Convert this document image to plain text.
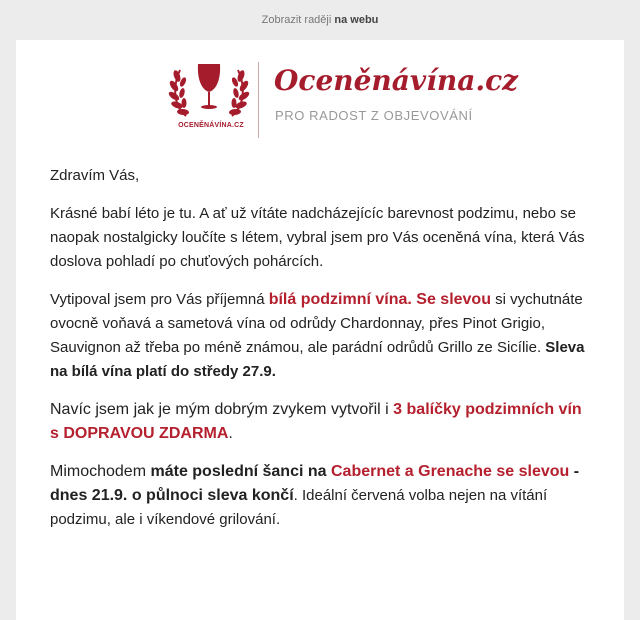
Zobrazit raději na webu
OCENĚNÁVÍNA.CZ
Oceněnávína.cz
PRO RADOST Z OBJEVOVÁNÍ

Zdravím Vás,

Krásné babí léto je tu. A ať už vítáte nadcházejícíc barevnost podzimu, nebo se naopak nostalgicky loučíte s létem, vybral jsem pro Vás oceněná vína, která Vás doslova pohladí po chuťových pohárcích.

Vytipoval jsem pro Vás příjemná bílá podzimní vína. Se slevou si vychutnáte ovocně voňavá a sametová vína od odrůdy Chardonnay, přes Pinot Grigio, Sauvignon až třeba po méně známou, ale parádní odrůdů Grillo ze Sicílie. Sleva na bílá vína platí do středy 27.9.

Navíc jsem jak je mým dobrým zvykem vytvořil i 3 balíčky podzimních vín s DOPRAVOU ZDARMA.

Mimochodem máte poslední šanci na Cabernet a Grenache se slevou - dnes 21.9. o půlnoci sleva končí. Ideální červená volba nejen na vítání podzimu, ale i víkendové grilování.
